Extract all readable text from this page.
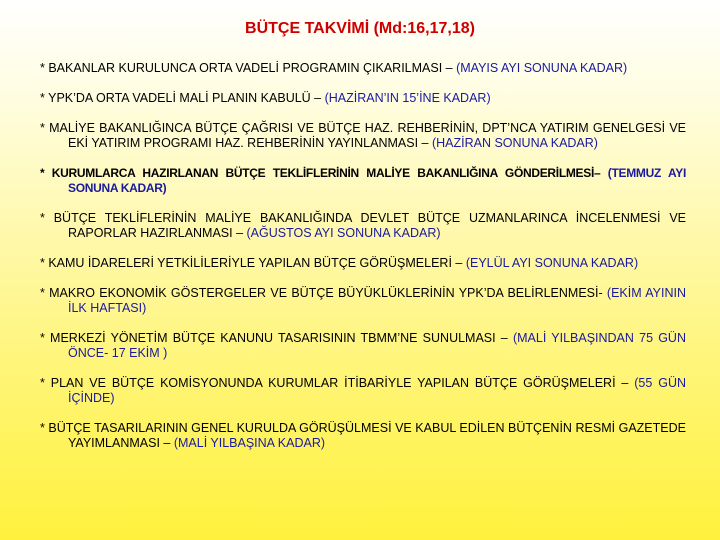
BÜTÇE TAKVİMİ (Md:16,17,18)
* BAKANLAR KURULUNCA ORTA VADELİ PROGRAMIN ÇIKARILMASI – (MAYIS AYI SONUNA KADAR)
* YPK’DA ORTA VADELİ MALİ PLANIN KABULÜ – (HAZİRAN’IN 15’İNE KADAR)
* MALİYE BAKANLIĞINCA BÜTÇE ÇAĞRISI VE BÜTÇE HAZ. REHBERİNİN, DPT’NCA YATIRIM GENELGESİ VE EKİ YATIRIM PROGRAMI HAZ. REHBERİNİN YAYINLANMASI – (HAZİRAN SONUNA KADAR)
* KURUMLARCA HAZIRLANAN BÜTÇE TEKLİFLERİNİN MALİYE BAKANLIĞINA GÖNDERİLMESİ– (TEMMUZ AYI SONUNA KADAR)
* BÜTÇE TEKLİFLERİNİN MALİYE BAKANLIĞINDA DEVLET BÜTÇE UZMANLARINCA İNCELENMESİ VE RAPORLAR HAZIRLANMASI – (AĞUSTOS AYI SONUNA KADAR)
* KAMU İDARELERİ YETKİLİLERİYLE YAPILAN BÜTÇE GÖRÜŞMELERİ – (EYLÜL AYI SONUNA KADAR)
* MAKRO EKONOMİK GÖSTERGELER VE BÜTÇE BÜYÜKLÜKLERİNİN YPK’DA BELİRLENMESİ- (EKİM AYININ İLK HAFTASI)
* MERKEZİ YÖNETİM BÜTÇE KANUNU TASARISININ TBMM’NE SUNULMASI – (MALİ YILBAŞINDAN 75 GÜN ÖNCE- 17 EKİM )
* PLAN VE BÜTÇE KOMİSYONUNDA KURUMLAR İTİBARİYLE YAPILAN BÜTÇE GÖRÜŞMELERİ – (55 GÜN İÇİNDE)
* BÜTÇE TASARILARININ GENEL KURULDA GÖRÜŞÜLMESİ VE KABUL EDİLEN BÜTÇENİN RESMİ GAZETEDE YAYIMLANMASI – (MALİ YILBAŞINA KADAR)
